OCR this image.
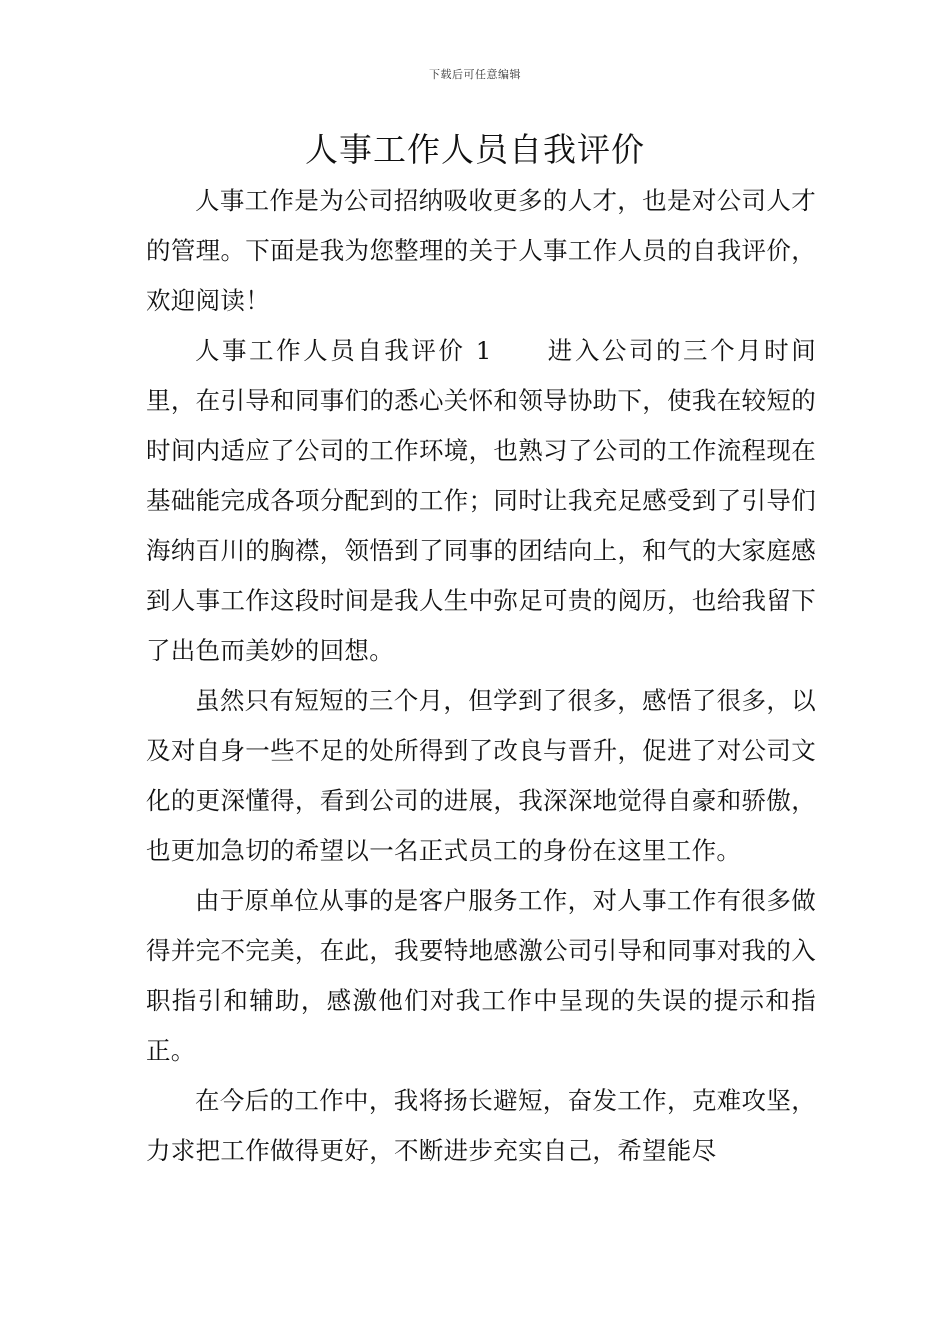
下载后可任意编辑
人事工作人员自我评价

人事工作是为公司招纳吸收更多的人才，也是对公司人才的管理。下面是我为您整理的关于人事工作人员的自我评价，欢迎阅读！

人事工作人员自我评价 1 进入公司的三个月时间里，在引导和同事们的悉心关怀和领导协助下，使我在较短的时间内适应了公司的工作环境，也熟习了公司的工作流程现在基础能完成各项分配到的工作；同时让我充足感受到了引导们海纳百川的胸襟，领悟到了同事的团结向上，和气的大家庭感到人事工作这段时间是我人生中弥足可贵的阅历，也给我留下了出色而美妙的回想。

虽然只有短短的三个月，但学到了很多，感悟了很多，以及对自身一些不足的处所得到了改良与晋升，促进了对公司文化的更深懂得，看到公司的进展，我深深地觉得自豪和骄傲，也更加急切的希望以一名正式员工的身份在这里工作。

由于原单位从事的是客户服务工作，对人事工作有很多做得并完不完美，在此，我要特地感激公司引导和同事对我的入职指引和辅助，感激他们对我工作中呈现的失误的提示和指正。

在今后的工作中，我将扬长避短，奋发工作，克难攻坚，力求把工作做得更好，不断进步充实自己，希望能尽
